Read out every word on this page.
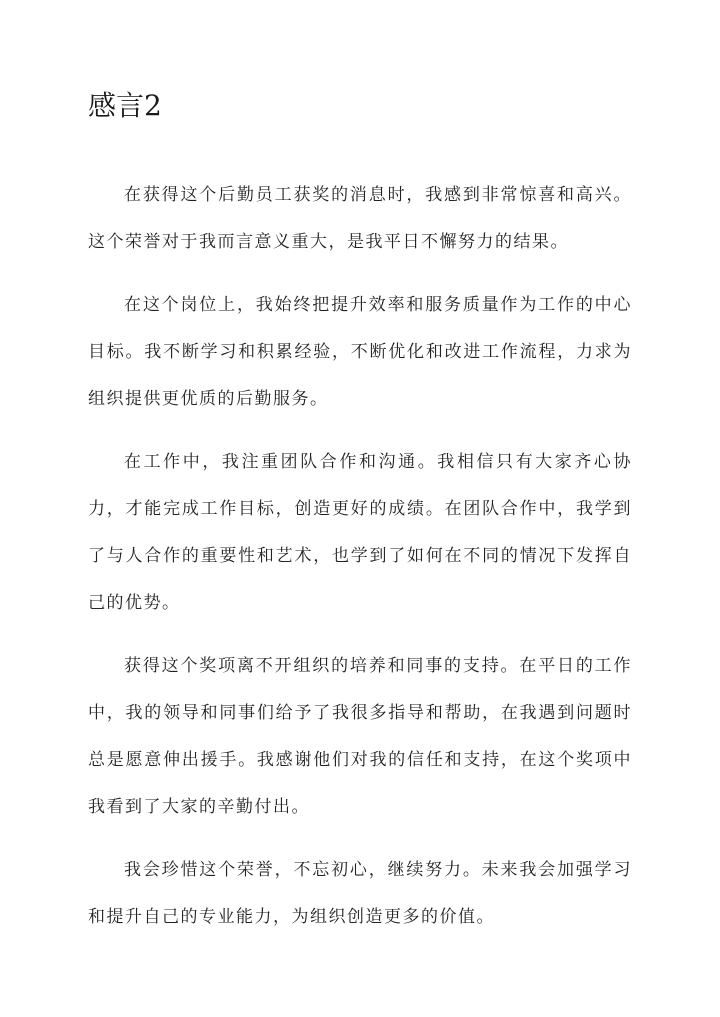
感言2

在获得这个后勤员工获奖的消息时，我感到非常惊喜和高兴。这个荣誉对于我而言意义重大，是我平日不懈努力的结果。

在这个岗位上，我始终把提升效率和服务质量作为工作的中心目标。我不断学习和积累经验，不断优化和改进工作流程，力求为组织提供更优质的后勤服务。

在工作中，我注重团队合作和沟通。我相信只有大家齐心协力，才能完成工作目标，创造更好的成绩。在团队合作中，我学到了与人合作的重要性和艺术，也学到了如何在不同的情况下发挥自己的优势。

获得这个奖项离不开组织的培养和同事的支持。在平日的工作中，我的领导和同事们给予了我很多指导和帮助，在我遇到问题时总是愿意伸出援手。我感谢他们对我的信任和支持，在这个奖项中我看到了大家的辛勤付出。

我会珍惜这个荣誉，不忘初心，继续努力。未来我会加强学习和提升自己的专业能力，为组织创造更多的价值。
